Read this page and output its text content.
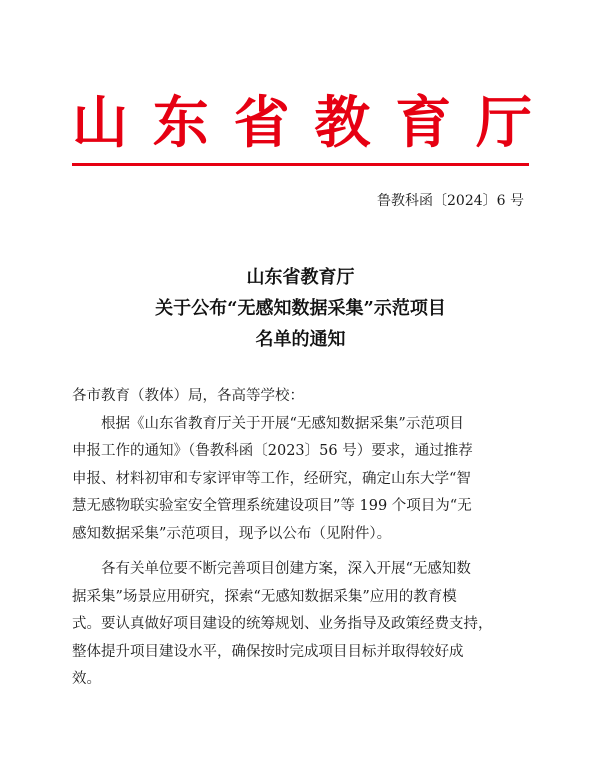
山 东 省 教 育 厅
鲁教科函〔2024〕6 号
山东省教育厅
关于公布“无感知数据采集”示范项目
名单的通知
各市教育（教体）局，各高等学校：
根据《山东省教育厅关于开展“无感知数据采集”示范项目
申报工作的通知》（鲁教科函〔2023〕56 号）要求，通过推荐
申报、材料初审和专家评审等工作，经研究，确定山东大学“智
慧无感物联实验室安全管理系统建设项目”等 199 个项目为“无
感知数据采集”示范项目，现予以公布（见附件）。
各有关单位要不断完善项目创建方案，深入开展“无感知数
据采集”场景应用研究，探索“无感知数据采集”应用的教育模
式。要认真做好项目建设的统筹规划、业务指导及政策经费支持，
整体提升项目建设水平，确保按时完成项目目标并取得较好成
效。
